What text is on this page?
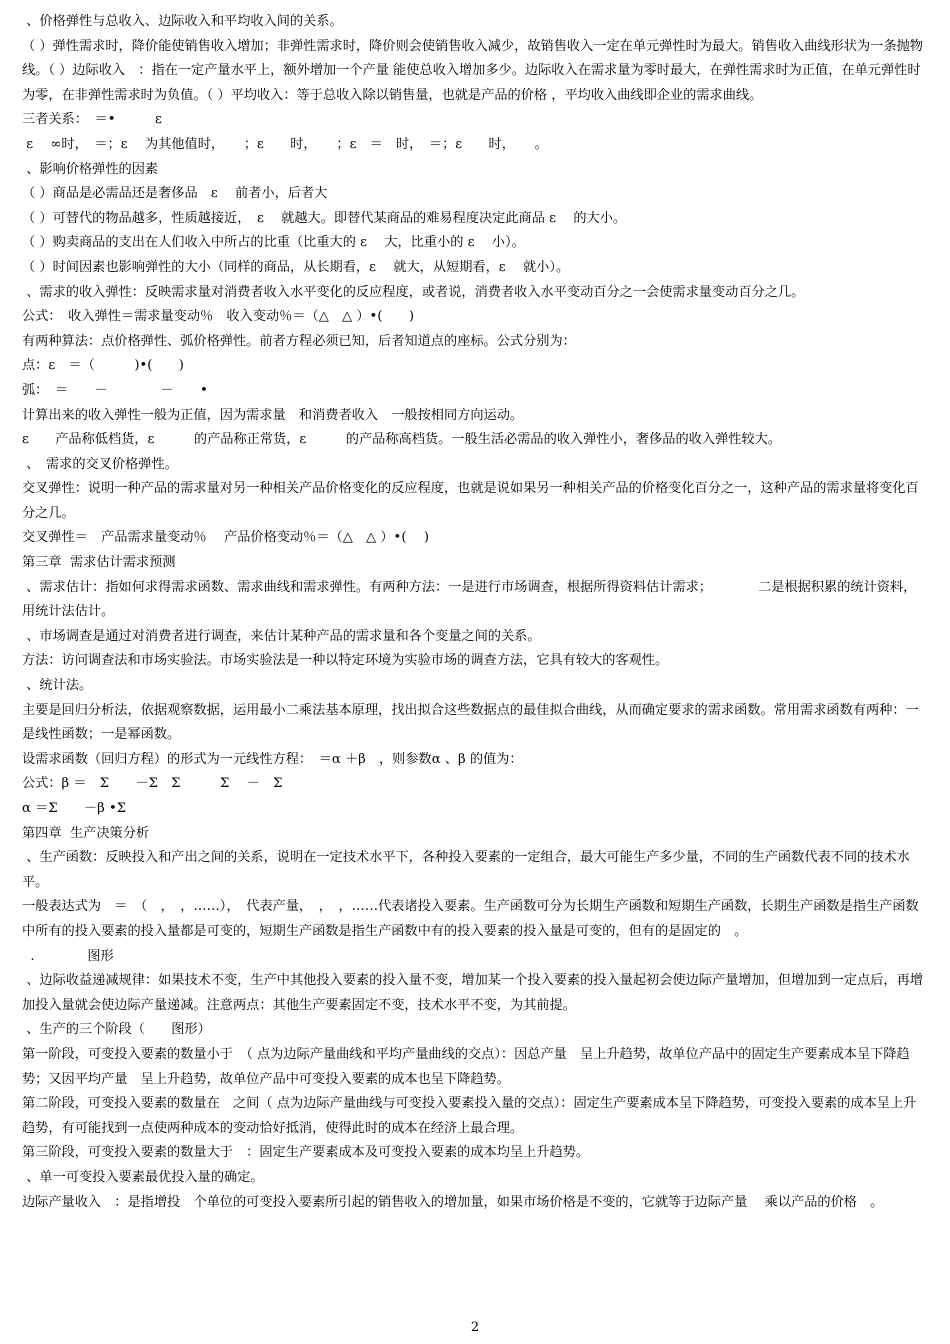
、价格弹性与总收入、边际收入和平均收入间的关系。
（ ）弹性需求时，降价能使销售收入增加；非弹性需求时，降价则会使销售收入减少，故销售收入一定在单元弹性时为最大。销售收入曲线形状为一条抛物线。（ ）边际收入　：指在一定产量水平上，额外增加一个产量 能使总收入增加多少。边际收入在需求量为零时最大，在弹性需求时为正值，在单元弹性时为零，在非弹性需求时为负值。（ ）平均收入：等于总收入除以销售量，也就是产品的价格 ，平均收入曲线即企业的需求曲线。
三者关系：　＝•　　　ε
ε　 ∞时，　＝；ε　 为其他值时，　　；ε　　时，　　；ε　＝　时，　＝；ε　　时，　　。
、影响价格弹性的因素
（ ）商品是必需品还是奢侈品　ε　 前者小，后者大
（ ）可替代的物品越多，性质越接近，　ε　 就越大。即替代某商品的难易程度决定此商品 ε　 的大小。
（ ）购卖商品的支出在人们收入中所占的比重（比重大的 ε　 大，比重小的 ε　 小）。
（ ）时间因素也影响弹性的大小（同样的商品，从长期看，ε　 就大，从短期看，ε　 就小）。
、需求的收入弹性：反映需求量对消费者收入水平变化的反应程度，或者说，消费者收入水平变动百分之一会使需求量变动百分之几。
公式：　收入弹性＝需求量变动％　收入变动％＝（△　△ ）•(　　)
有两种算法：点价格弹性、弧价格弹性。前者方程必须已知，后者知道点的座标。公式分别为：
点：ε　＝（　　　)•(　　)
弧：　＝　　－　　　　－　　•
计算出来的收入弹性一般为正值，因为需求量　和消费者收入　一般按相同方向运动。
ε　　产品称低档货，ε　　　的产品称正常货，ε　　　的产品称高档货。一般生活必需品的收入弹性小，奢侈品的收入弹性较大。
、　需求的交叉价格弹性。
交叉弹性：说明一种产品的需求量对另一种相关产品价格变化的反应程度，也就是说如果另一种相关产品的价格变化百分之一，这种产品的需求量将变化百分之几。
交叉弹性＝　产品需求量变动％　 产品价格变动％＝（△　△ ）•(　 )
第三章  需求估计需求预测
、需求估计：指如何求得需求函数、需求曲线和需求弹性。有两种方法：一是进行市场调查，根据所得资料估计需求；　　　　二是根据积累的统计资料，用统计法估计。
、市场调查是通过对消费者进行调查，来估计某种产品的需求量和各个变量之间的关系。
方法：访问调查法和市场实验法。市场实验法是一种以特定环境为实验市场的调查方法，它具有较大的客观性。
、统计法。
主要是回归分析法，依据观察数据，运用最小二乘法基本原理，找出拟合这些数据点的最佳拟合曲线，从而确定要求的需求函数。常用需求函数有两种：一是线性函数；一是幂函数。
设需求函数（回归方程）的形式为一元线性方程：　＝α ＋β　，则参数α 、β 的值为：
公式：β ＝　Σ　　－Σ　Σ　　　Σ　 －　Σ
α ＝Σ　　－β •Σ
第四章  生产决策分析
、生产函数：反映投入和产出之间的关系，说明在一定技术水平下，各种投入要素的一定组合，最大可能生产多少量，不同的生产函数代表不同的技术水平。
一般表达式为　＝　（　，　，……），　代表产量，　，　，……代表诸投入要素。生产函数可分为长期生产函数和短期生产函数，长期生产函数是指生产函数中所有的投入要素的投入量都是可变的，短期生产函数是指生产函数中有的投入要素的投入量是可变的，但有的是固定的　。
.　　　　图形
、边际收益递减规律：如果技术不变，生产中其他投入要素的投入量不变，增加某一个投入要素的投入量起初会使边际产量增加，但增加到一定点后，再增加投入量就会使边际产量递减。注意两点：其他生产要素固定不变，技术水平不变，为其前提。
、生产的三个阶段（　　图形）
第一阶段，可变投入要素的数量小于　（ 点为边际产量曲线和平均产量曲线的交点）：因总产量　呈上升趋势，故单位产品中的固定生产要素成本呈下降趋势；又因平均产量　呈上升趋势，故单位产品中可变投入要素的成本也呈下降趋势。
第二阶段，可变投入要素的数量在　之间（ 点为边际产量曲线与可变投入要素投入量的交点）：固定生产要素成本呈下降趋势，可变投入要素的成本呈上升趋势，有可能找到一点使两种成本的变动恰好抵消，使得此时的成本在经济上最合理。
第三阶段，可变投入要素的数量大于　：固定生产要素成本及可变投入要素的成本均呈上升趋势。
、单一可变投入要素最优投入量的确定。
边际产量收入　：是指增投　个单位的可变投入要素所引起的销售收入的增加量，如果市场价格是不变的，它就等于边际产量　 乘以产品的价格　。
2
